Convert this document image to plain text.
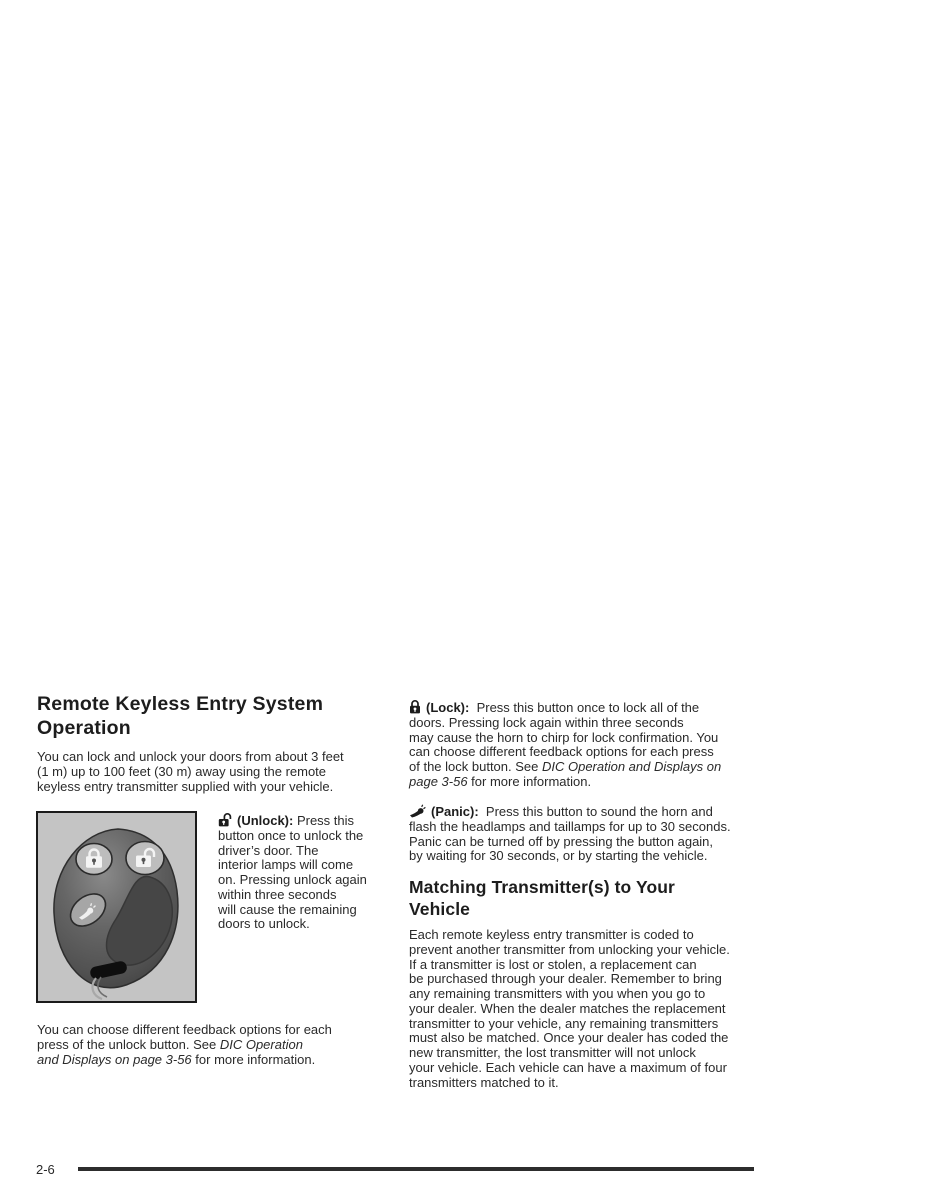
Remote Keyless Entry System
Operation
You can lock and unlock your doors from about 3 feet
(1 m) up to 100 feet (30 m) away using the remote
keyless entry transmitter supplied with your vehicle.
(Unlock): Press this
button once to unlock the
driver’s door. The
interior lamps will come
on. Pressing unlock again
within three seconds
will cause the remaining
doors to unlock.
You can choose different feedback options for each
press of the unlock button. See DIC Operation
and Displays on page 3-56 for more information.
(Lock):  Press this button once to lock all of the
doors. Pressing lock again within three seconds
may cause the horn to chirp for lock confirmation. You
can choose different feedback options for each press
of the lock button. See DIC Operation and Displays on
page 3-56 for more information.
(Panic):  Press this button to sound the horn and
flash the headlamps and taillamps for up to 30 seconds.
Panic can be turned off by pressing the button again,
by waiting for 30 seconds, or by starting the vehicle.
Matching Transmitter(s) to Your
Vehicle
Each remote keyless entry transmitter is coded to
prevent another transmitter from unlocking your vehicle.
If a transmitter is lost or stolen, a replacement can
be purchased through your dealer. Remember to bring
any remaining transmitters with you when you go to
your dealer. When the dealer matches the replacement
transmitter to your vehicle, any remaining transmitters
must also be matched. Once your dealer has coded the
new transmitter, the lost transmitter will not unlock
your vehicle. Each vehicle can have a maximum of four
transmitters matched to it.
2-6
